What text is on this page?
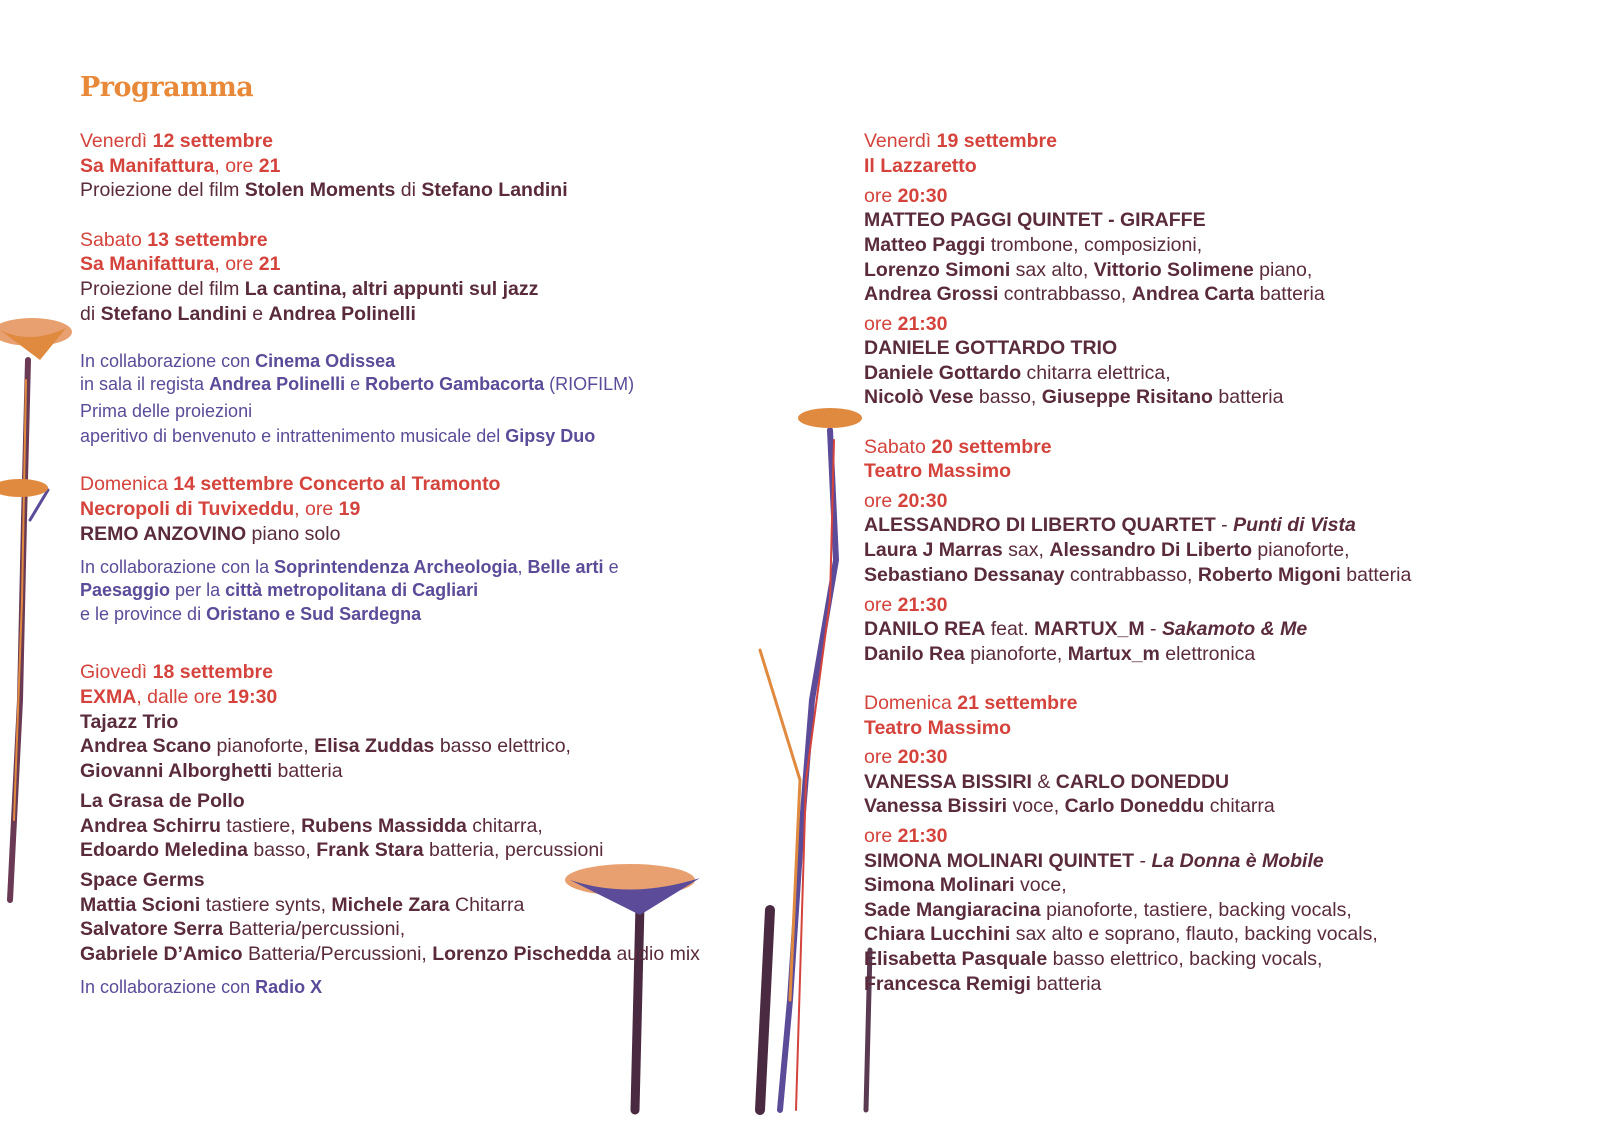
Programma
Venerdì 12 settembre
Sa Manifattura, ore 21
Proiezione del film Stolen Moments di Stefano Landini
Sabato 13 settembre
Sa Manifattura, ore 21
Proiezione del film La cantina, altri appunti sul jazz
di Stefano Landini e Andrea Polinelli
In collaborazione con Cinema Odissea
in sala il regista Andrea Polinelli e Roberto Gambacorta (RIOFILM)
Prima delle proiezioni
aperitivo di benvenuto e intrattenimento musicale del Gipsy Duo
Domenica 14 settembre Concerto al Tramonto
Necropoli di Tuvixeddu, ore 19
REMO ANZOVINO piano solo
In collaborazione con la Soprintendenza Archeologia, Belle arti e
Paesaggio per la città metropolitana di Cagliari
e le province di Oristano e Sud Sardegna
Giovedì 18 settembre
EXMA, dalle ore 19:30
Tajazz Trio
Andrea Scano pianoforte, Elisa Zuddas basso elettrico,
Giovanni Alborghetti batteria
La Grasa de Pollo
Andrea Schirru tastiere, Rubens Massidda chitarra,
Edoardo Meledina basso, Frank Stara batteria, percussioni
Space Germs
Mattia Scioni tastiere synts, Michele Zara Chitarra
Salvatore Serra Batteria/percussioni,
Gabriele D’Amico Batteria/Percussioni, Lorenzo Pischedda audio mix
In collaborazione con Radio X
Venerdì 19 settembre
Il Lazzaretto
ore 20:30
MATTEO PAGGI QUINTET - GIRAFFE
Matteo Paggi trombone, composizioni,
Lorenzo Simoni sax alto, Vittorio Solimene piano,
Andrea Grossi contrabbasso, Andrea Carta batteria
ore 21:30
DANIELE GOTTARDO TRIO
Daniele Gottardo chitarra elettrica,
Nicolò Vese basso, Giuseppe Risitano batteria
Sabato 20 settembre
Teatro Massimo
ore 20:30
ALESSANDRO DI LIBERTO QUARTET - Punti di Vista
Laura J Marras sax, Alessandro Di Liberto pianoforte,
Sebastiano Dessanay contrabbasso, Roberto Migoni batteria
ore 21:30
DANILO REA feat. MARTUX_M - Sakamoto & Me
Danilo Rea pianoforte, Martux_m elettronica
Domenica 21 settembre
Teatro Massimo
ore 20:30
VANESSA BISSIRI & CARLO DONEDDU
Vanessa Bissiri voce, Carlo Doneddu chitarra
ore 21:30
SIMONA MOLINARI QUINTET - La Donna è Mobile
Simona Molinari voce,
Sade Mangiaracina pianoforte, tastiere, backing vocals,
Chiara Lucchini sax alto e soprano, flauto, backing vocals,
Elisabetta Pasquale basso elettrico, backing vocals,
Francesca Remigi batteria
